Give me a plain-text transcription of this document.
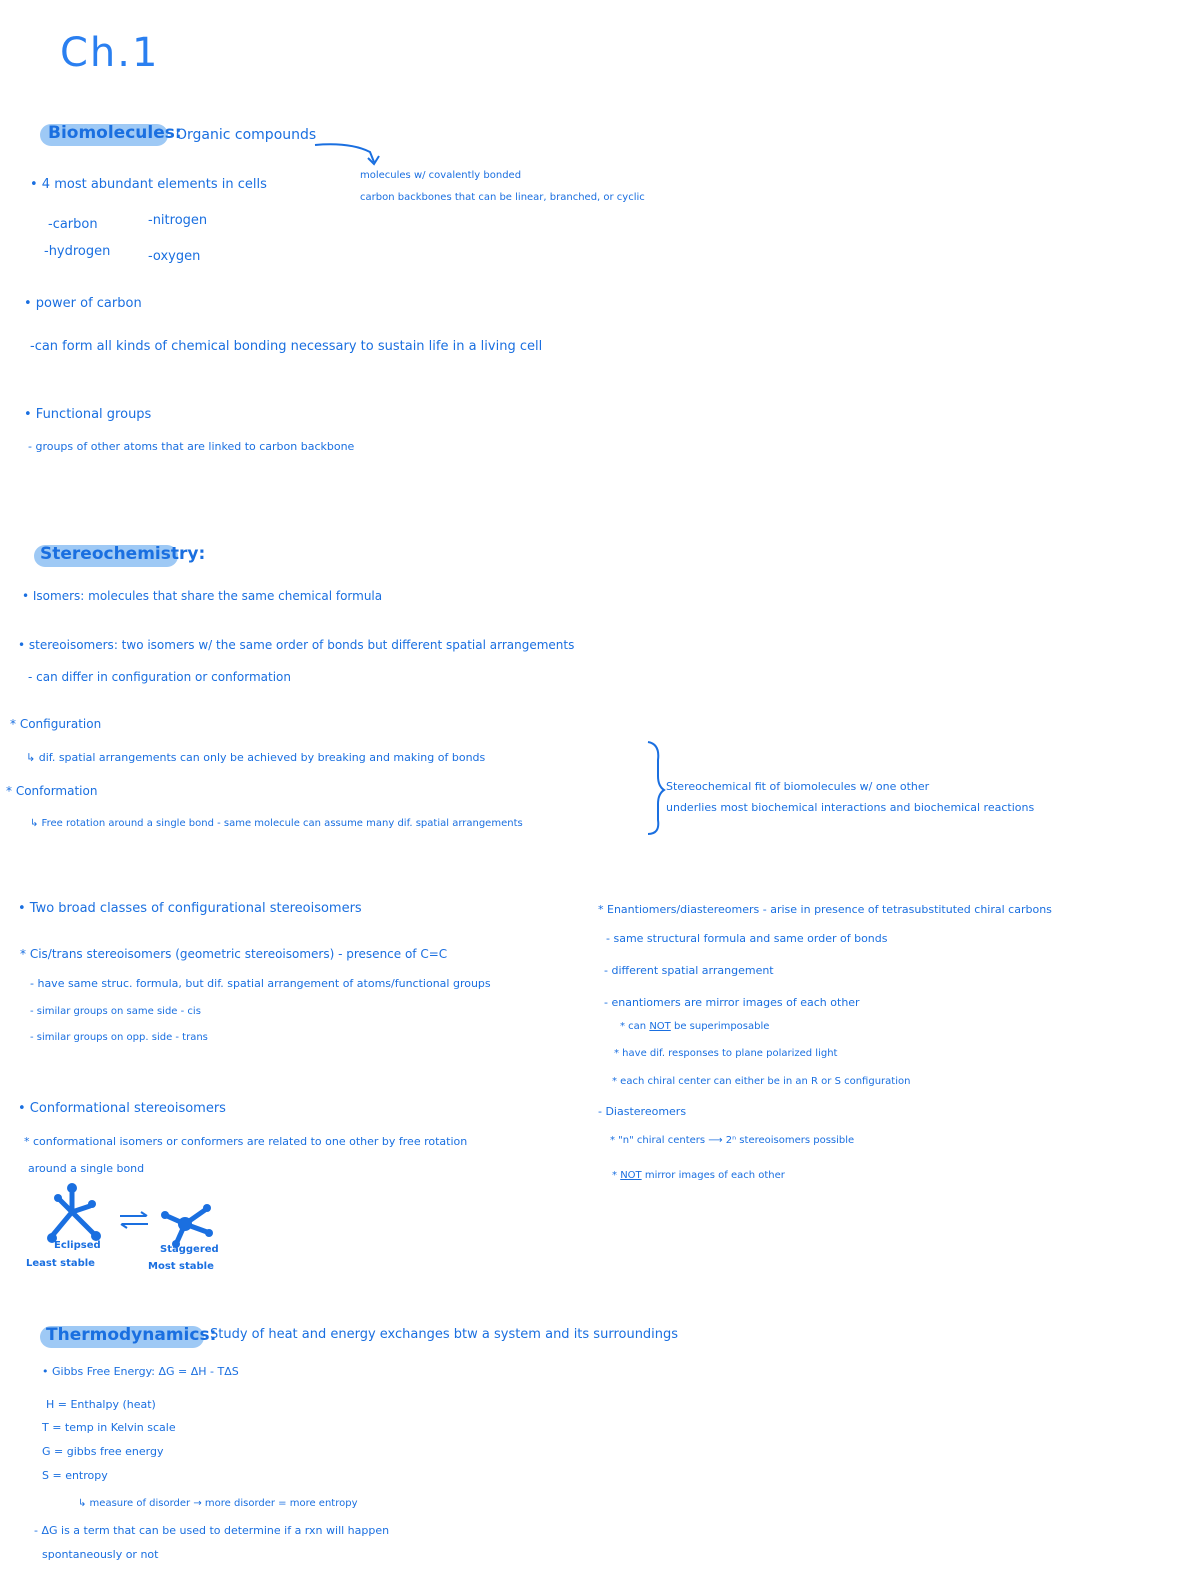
Ch.1
Biomolecules:
Organic compounds
molecules w/ covalently bonded
carbon backbones that can be linear, branched, or cyclic
• 4 most abundant elements in cells
-carbon	-nitrogen
-hydrogen	-oxygen
• power of carbon
-can form all kinds of chemical bonding necessary to sustain life in a living cell
• Functional groups
- groups of other atoms that are linked to carbon backbone
Stereochemistry:
• Isomers: molecules that share the same chemical formula
• stereoisomers: two isomers w/ the same order of bonds but different spatial arrangements
- can differ in configuration or conformation
* Configuration
↳ dif. spatial arrangements can only be achieved by breaking and making of bonds
* Conformation
↳ Free rotation around a single bond - same molecule can assume many dif. spatial arrangements
Stereochemical fit of biomolecules w/ one other
underlies most biochemical interactions and biochemical reactions
• Two broad classes of configurational stereoisomers
* Cis/trans stereoisomers (geometric stereoisomers) - presence of C=C
- have same struc. formula, but dif. spatial arrangement of atoms/functional groups
- similar groups on same side - cis
- similar groups on opp. side - trans
• Conformational stereoisomers
* conformational isomers or conformers are related to one other by free rotation
around a single bond
Eclipsed
Least stable
Staggered
Most stable
* Enantiomers/diastereomers - arise in presence of tetrasubstituted chiral carbons
- same structural formula and same order of bonds
- different spatial arrangement
- enantiomers are mirror images of each other
* can NOT be superimposable
* have dif. responses to plane polarized light
* each chiral center can either be in an R or S configuration
- Diastereomers
* "n" chiral centers ⟶ 2ⁿ stereoisomers possible
* NOT mirror images of each other
Thermodynamics:
Study of heat and energy exchanges btw a system and its surroundings
• Gibbs Free Energy: ΔG = ΔH - TΔS
H = Enthalpy (heat)
T = temp in Kelvin scale
G = gibbs free energy
S = entropy
↳ measure of disorder → more disorder = more entropy
- ΔG is a term that can be used to determine if a rxn will happen
spontaneously or not
